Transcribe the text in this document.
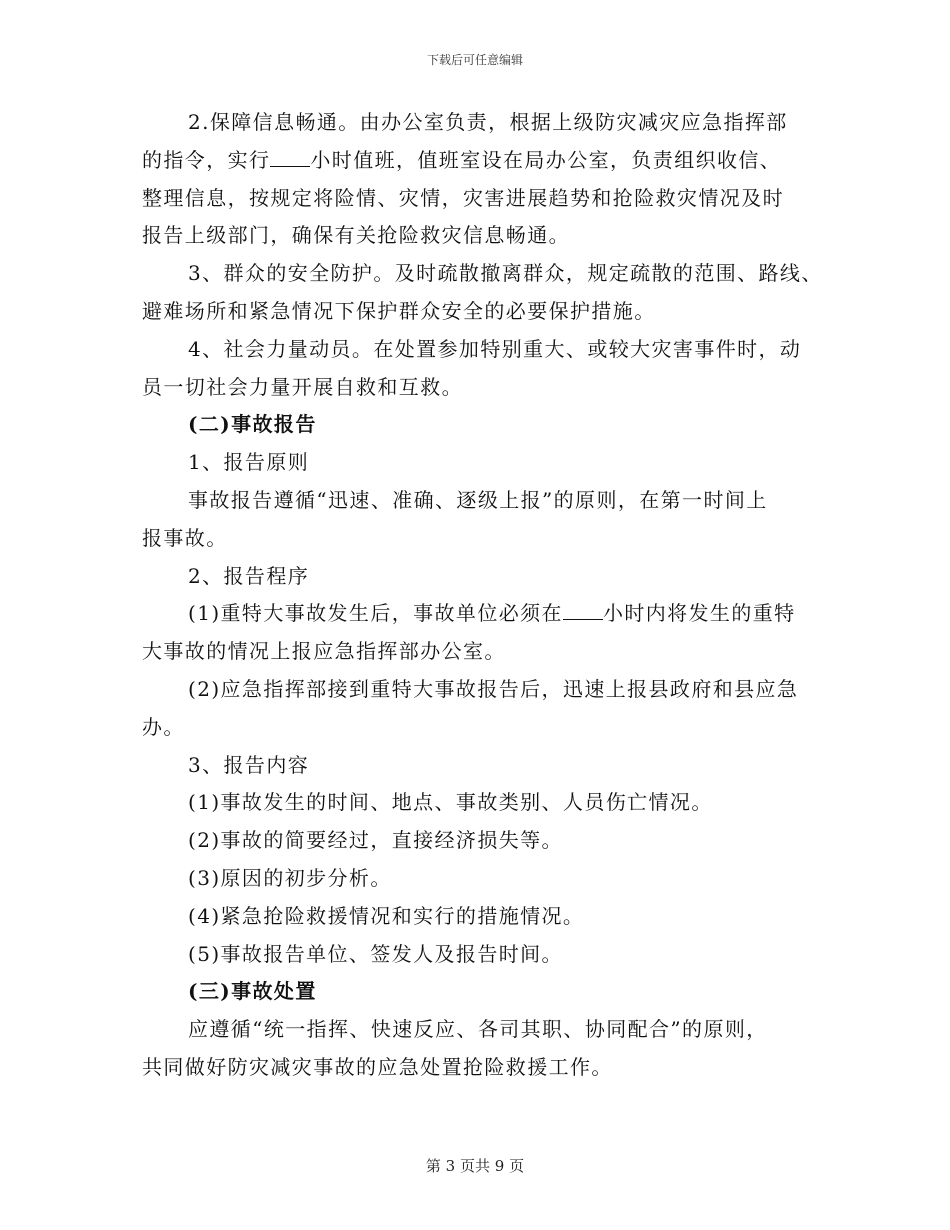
下载后可任意编辑
2.保障信息畅通。由办公室负责，根据上级防灾减灾应急指挥部
的指令，实行 小时值班，值班室设在局办公室，负责组织收信、
整理信息，按规定将险情、灾情，灾害进展趋势和抢险救灾情况及时
报告上级部门，确保有关抢险救灾信息畅通。
3、群众的安全防护。及时疏散撤离群众，规定疏散的范围、路线、
避难场所和紧急情况下保护群众安全的必要保护措施。
4、社会力量动员。在处置参加特别重大、或较大灾害事件时，动
员一切社会力量开展自救和互救。
(二)事故报告
1、报告原则
事故报告遵循“迅速、准确、逐级上报”的原则，在第一时间上
报事故。
2、报告程序
(1)重特大事故发生后，事故单位必须在 小时内将发生的重特
大事故的情况上报应急指挥部办公室。
(2)应急指挥部接到重特大事故报告后，迅速上报县政府和县应急
办。
3、报告内容
(1)事故发生的时间、地点、事故类别、人员伤亡情况。
(2)事故的简要经过，直接经济损失等。
(3)原因的初步分析。
(4)紧急抢险救援情况和实行的措施情况。
(5)事故报告单位、签发人及报告时间。
(三)事故处置
应遵循“统一指挥、快速反应、各司其职、协同配合”的原则，
共同做好防灾减灾事故的应急处置抢险救援工作。
第 3 页共 9 页
